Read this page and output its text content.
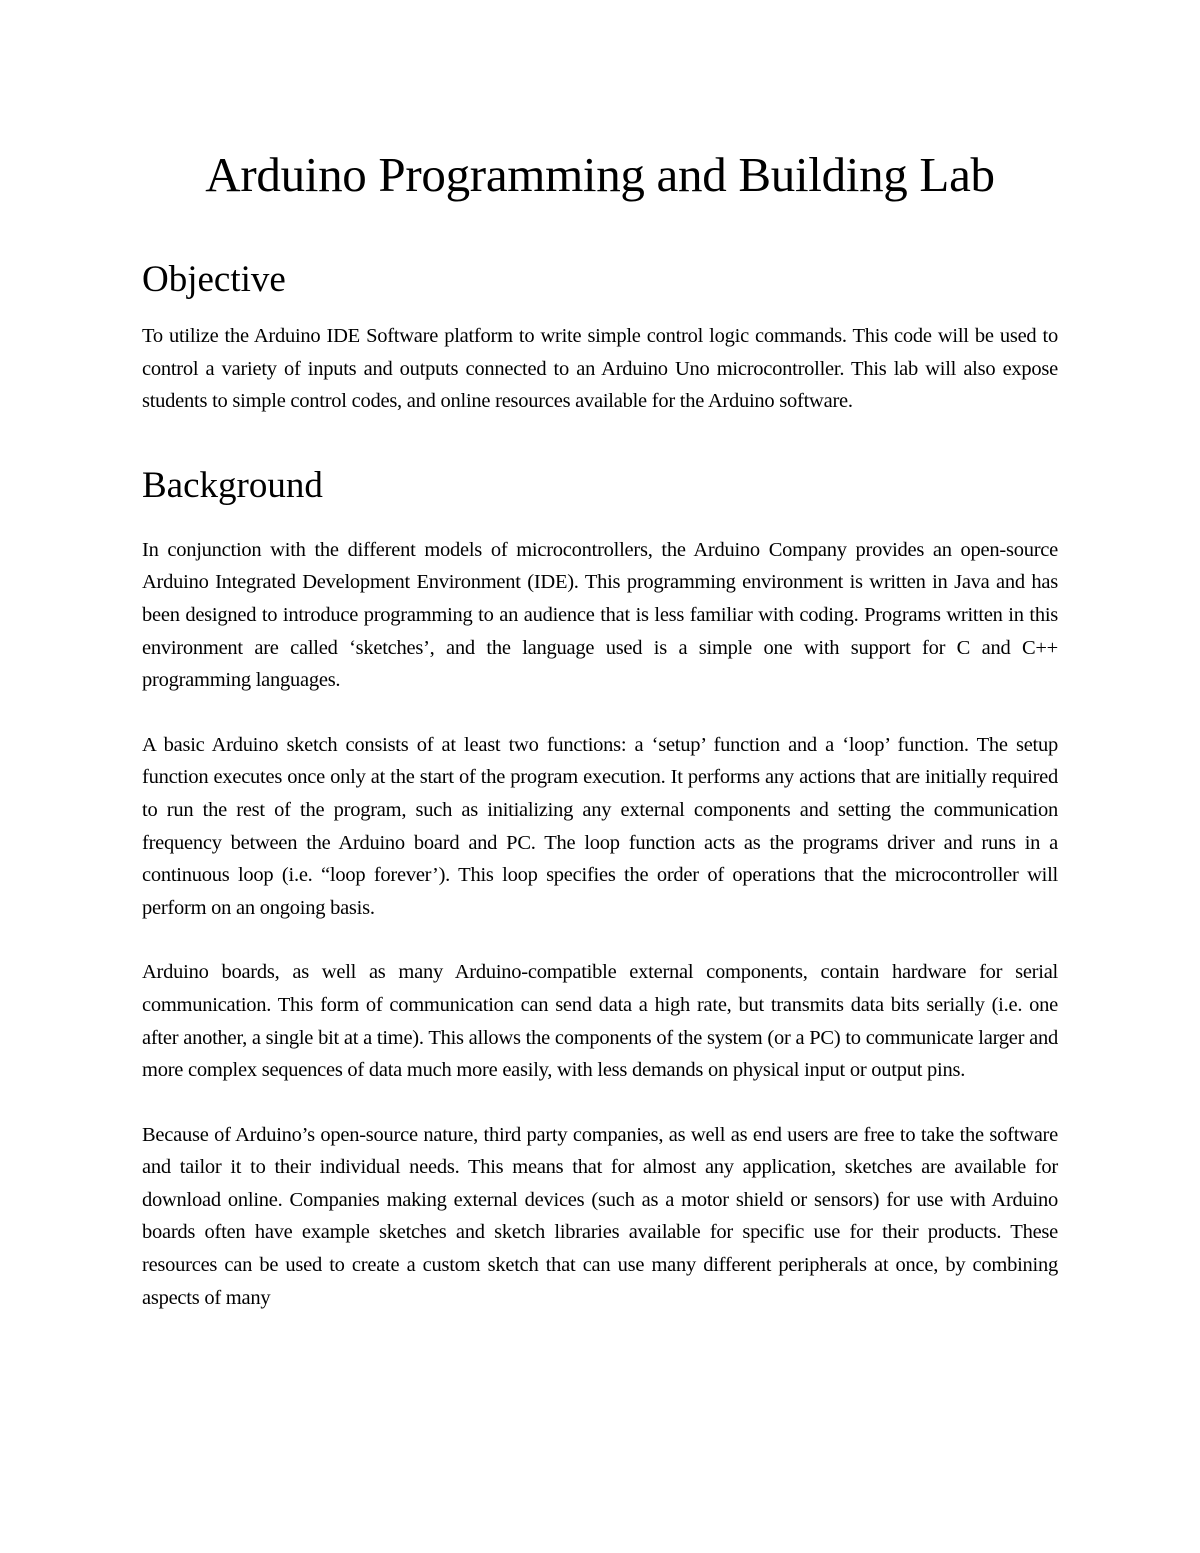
Arduino Programming and Building Lab
Objective

To utilize the Arduino IDE Software platform to write simple control logic commands. This code will be used to control a variety of inputs and outputs connected to an Arduino Uno microcontroller. This lab will also expose students to simple control codes, and online resources available for the Arduino software.

Background

In conjunction with the different models of microcontrollers, the Arduino Company provides an open-source Arduino Integrated Development Environment (IDE). This programming environment is written in Java and has been designed to introduce programming to an audience that is less familiar with coding. Programs written in this environment are called ‘sketches’, and the language used is a simple one with support for C and C++ programming languages.

A basic Arduino sketch consists of at least two functions: a ‘setup’ function and a ‘loop’ function. The setup function executes once only at the start of the program execution. It performs any actions that are initially required to run the rest of the program, such as initializing any external components and setting the communication frequency between the Arduino board and PC. The loop function acts as the programs driver and runs in a continuous loop (i.e. “loop forever’). This loop specifies the order of operations that the microcontroller will perform on an ongoing basis.

Arduino boards, as well as many Arduino-compatible external components, contain hardware for serial communication. This form of communication can send data a high rate, but transmits data bits serially (i.e. one after another, a single bit at a time). This allows the components of the system (or a PC) to communicate larger and more complex sequences of data much more easily, with less demands on physical input or output pins.

Because of Arduino’s open-source nature, third party companies, as well as end users are free to take the software and tailor it to their individual needs. This means that for almost any application, sketches are available for download online. Companies making external devices (such as a motor shield or sensors) for use with Arduino boards often have example sketches and sketch libraries available for specific use for their products. These resources can be used to create a custom sketch that can use many different peripherals at once, by combining aspects of many
